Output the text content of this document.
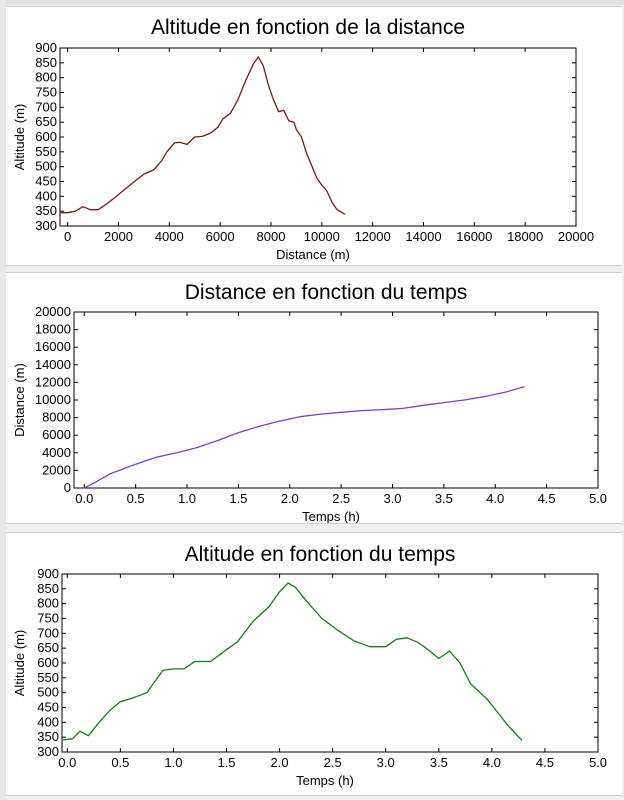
0	2000 4000 6000 8000 10000 12000 14000 16000 18000 20000
300
350
400
450
500
550
600
650
700
750
800
850
900
Altitude en fonction de la distance
Distance (m)
Altitude (m)
0.0	0.5	1.0	1.5	2.0	2.5	3.0	3.5	4.0	4.5	5.0
0
2000
4000
6000
8000
10000
12000
14000
16000
18000
20000
Distance en fonction du temps
Temps (h)
Distance (m)
0.0	0.5	1.0	1.5	2.0	2.5	3.0	3.5	4.0	4.5	5.0
300
350
400
450
500
550
600
650
700
750
800
850
900
Altitude en fonction du temps
Temps (h)
Altitude (m)
